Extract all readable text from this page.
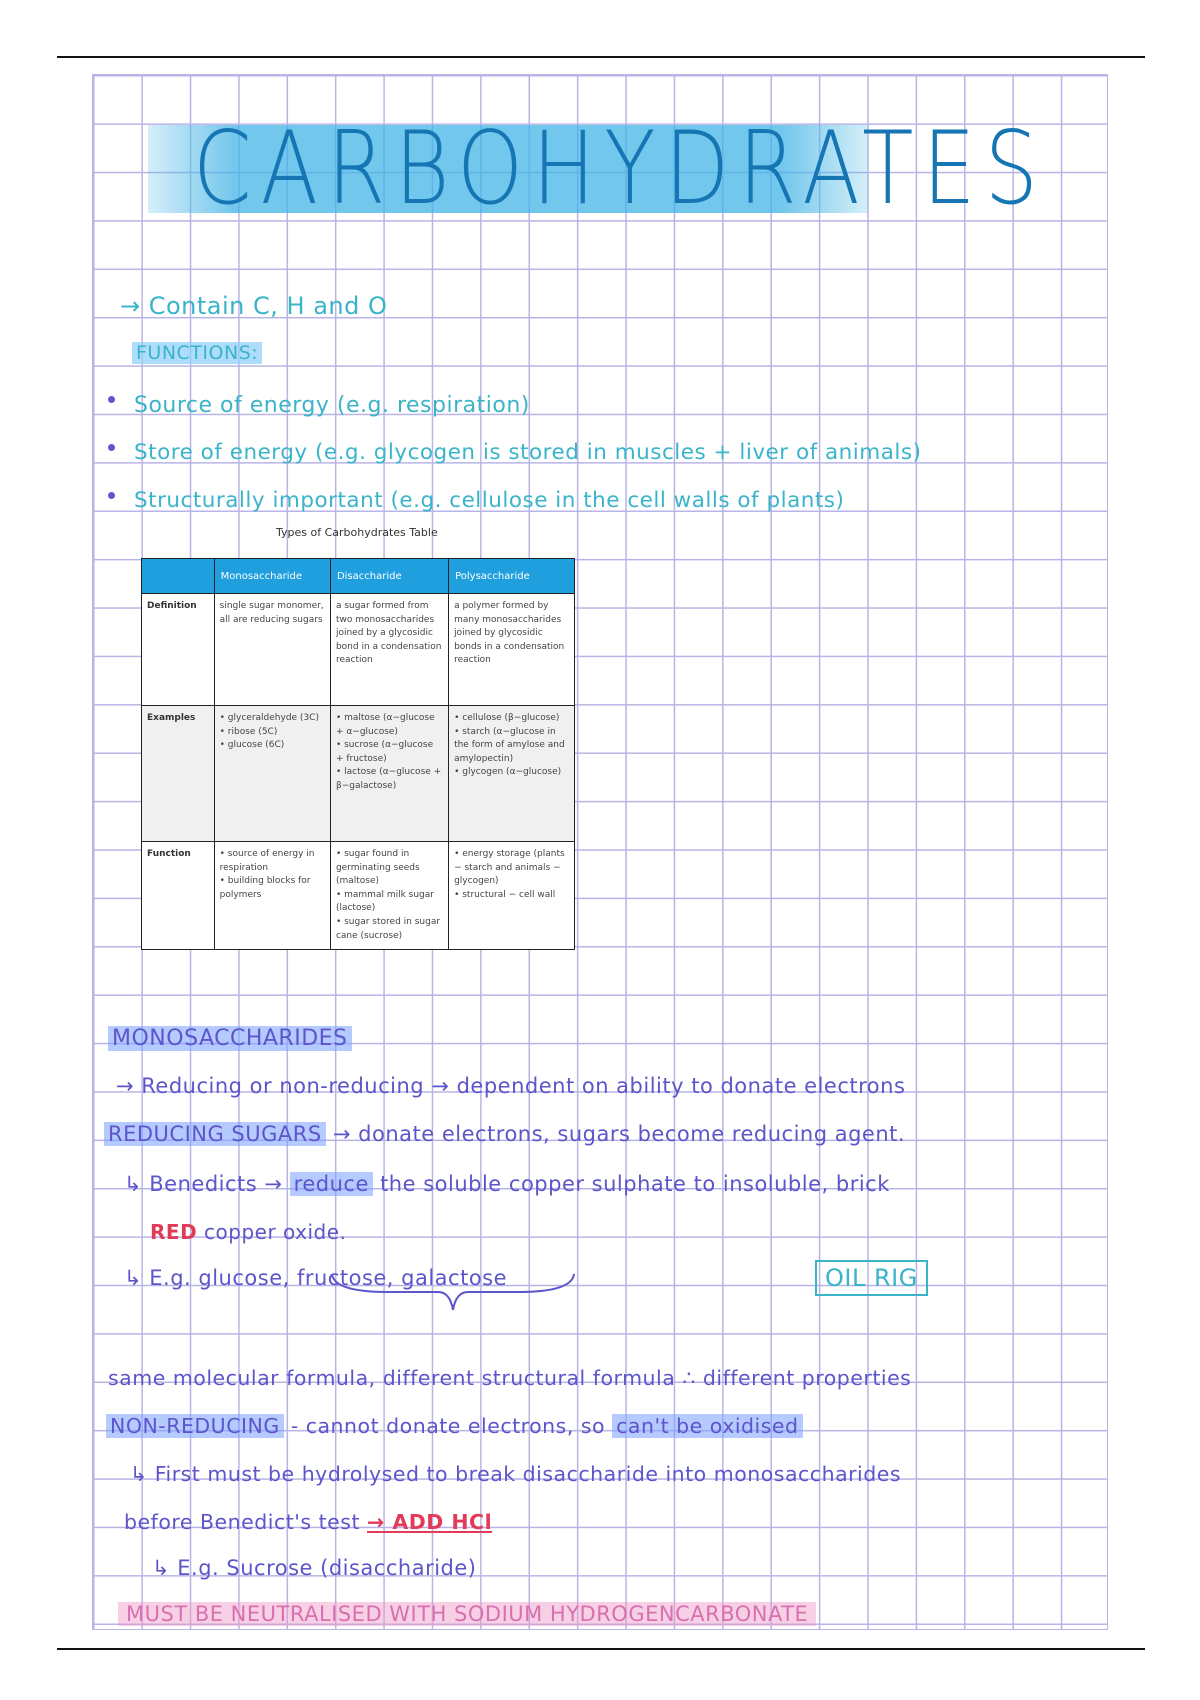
CARBOHYDRATES
→ Contain C, H and O
FUNCTIONS:
Source of energy (e.g. respiration)
Store of energy (e.g. glycogen is stored in muscles + liver of animals)
Structurally important (e.g. cellulose in the cell walls of plants)
Types of Carbohydrates Table
	Monosaccharide	Disaccharide	Polysaccharide
Definition	single sugar monomer, all are reducing sugars	a sugar formed from two monosaccharides joined by a glycosidic bond in a condensation reaction	a polymer formed by many monosaccharides joined by glycosidic bonds in a condensation reaction
Examples	• glyceraldehyde (3C)
• ribose (5C)
• glucose (6C)	• maltose (α−glucose + α−glucose)
• sucrose (α−glucose + fructose)
• lactose (α−glucose + β−galactose)	• cellulose (β−glucose)
• starch (α−glucose in the form of amylose and amylopectin)
• glycogen (α−glucose)
Function	• source of energy in respiration
• building blocks for polymers	• sugar found in germinating seeds (maltose)
• mammal milk sugar (lactose)
• sugar stored in sugar cane (sucrose)	• energy storage (plants − starch and animals − glycogen)
• structural − cell wall
MONOSACCHARIDES
→ Reducing or non-reducing → dependent on ability to donate electrons
REDUCING SUGARS → donate electrons, sugars become reducing agent.
↳ Benedicts → reduce the soluble copper sulphate to insoluble, brick
RED copper oxide.
↳ E.g. glucose, fructose, galactose	OIL RIG
same molecular formula, different structural formula ∴ different properties
NON-REDUCING - cannot donate electrons, so can't be oxidised
↳ First must be hydrolysed to break disaccharide into monosaccharides
before Benedict's test → ADD HCl
↳ E.g. Sucrose (disaccharide)
MUST BE NEUTRALISED WITH SODIUM HYDROGENCARBONATE
